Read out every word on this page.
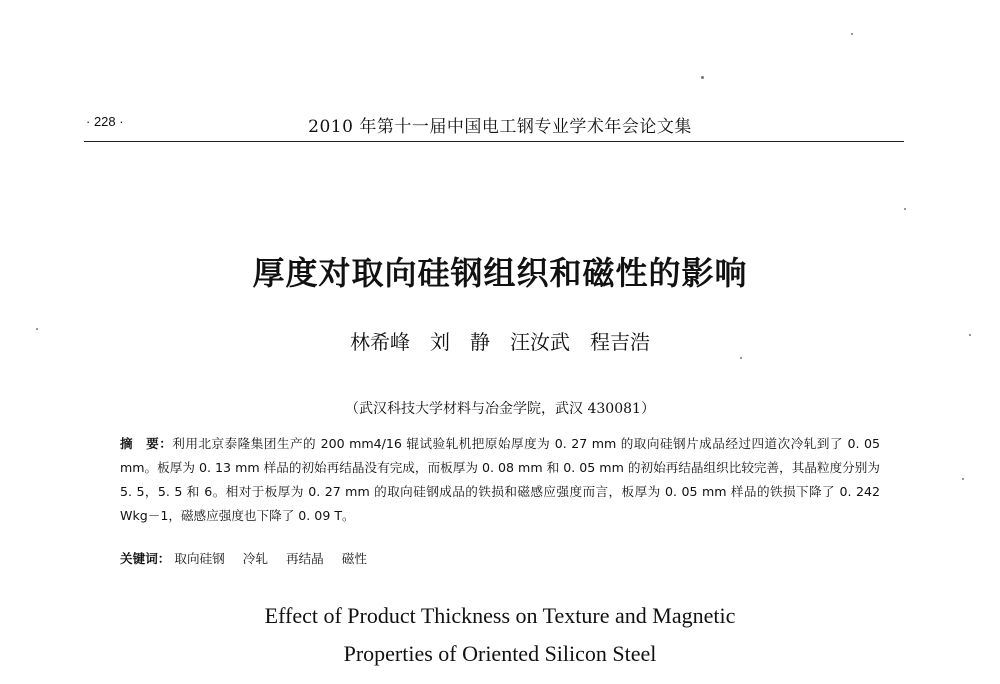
· 228 ·	2010 年第十一届中国电工钢专业学术年会论文集
厚度对取向硅钢组织和磁性的影响
林希峰　刘　静　汪汝武　程吉浩
（武汉科技大学材料与冶金学院，武汉 430081）
摘　要：利用北京泰隆集团生产的 200 mm4/16 辊试验轧机把原始厚度为 0. 27 mm 的取向硅钢片成品经过四道次冷轧到了 0. 05 mm。板厚为 0. 13 mm 样品的初始再结晶没有完成，而板厚为 0. 08 mm 和 0. 05 mm 的初始再结晶组织比较完善，其晶粒度分别为 5. 5，5. 5 和 6。相对于板厚为 0. 27 mm 的取向硅钢成品的铁损和磁感应强度而言，板厚为 0. 05 mm 样品的铁损下降了 0. 242 Wkg－1，磁感应强度也下降了 0. 09 T。
关键词： 取向硅钢 冷轧 再结晶 磁性
Effect of Product Thickness on Texture and Magnetic
Properties of Oriented Silicon Steel
